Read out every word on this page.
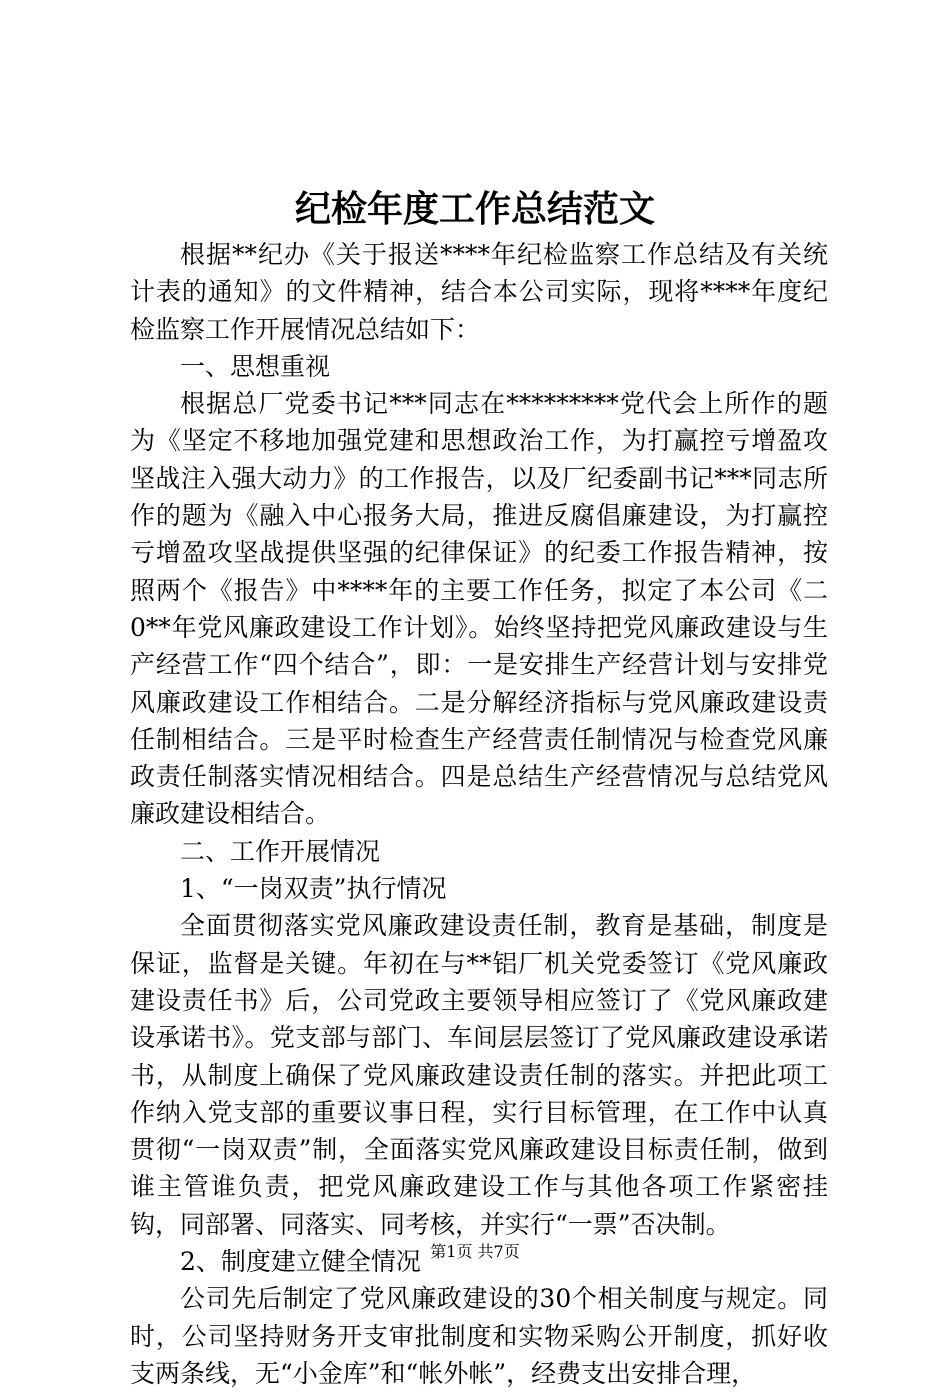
纪检年度工作总结范文

根据**纪办《关于报送****年纪检监察工作总结及有关统计表的通知》的文件精神，结合本公司实际，现将****年度纪检监察工作开展情况总结如下：

一、思想重视

根据总厂党委书记***同志在*********党代会上所作的题为《坚定不移地加强党建和思想政治工作，为打赢控亏增盈攻坚战注入强大动力》的工作报告，以及厂纪委副书记***同志所作的题为《融入中心报务大局，推进反腐倡廉建设，为打赢控亏增盈攻坚战提供坚强的纪律保证》的纪委工作报告精神，按照两个《报告》中****年的主要工作任务，拟定了本公司《二0**年党风廉政建设工作计划》。始终坚持把党风廉政建设与生产经营工作“四个结合”，即：一是安排生产经营计划与安排党风廉政建设工作相结合。二是分解经济指标与党风廉政建设责任制相结合。三是平时检查生产经营责任制情况与检查党风廉政责任制落实情况相结合。四是总结生产经营情况与总结党风廉政建设相结合。

二、工作开展情况

1、“一岗双责”执行情况

全面贯彻落实党风廉政建设责任制，教育是基础，制度是保证，监督是关键。年初在与**铝厂机关党委签订《党风廉政建设责任书》后，公司党政主要领导相应签订了《党风廉政建设承诺书》。党支部与部门、车间层层签订了党风廉政建设承诺书，从制度上确保了党风廉政建设责任制的落实。并把此项工作纳入党支部的重要议事日程，实行目标管理，在工作中认真贯彻“一岗双责”制，全面落实党风廉政建设目标责任制，做到谁主管谁负责，把党风廉政建设工作与其他各项工作紧密挂钩，同部署、同落实、同考核，并实行“一票”否决制。

2、制度建立健全情况

公司先后制定了党风廉政建设的30个相关制度与规定。同时，公司坚持财务开支审批制度和实物采购公开制度，抓好收支两条线，无“小金库”和“帐外帐”，经费支出安排合理，

第1页 共7页
